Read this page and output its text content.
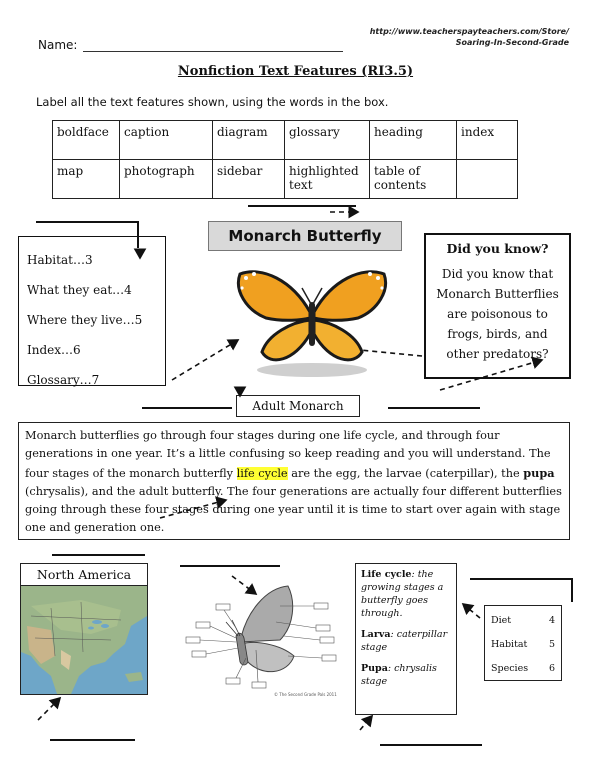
Name:
http://www.teacherspayteachers.com/Store/
Soaring-In-Second-Grade
Nonfiction Text Features (RI3.5)
Label all the text features shown, using the words in the box.
boldface	caption	diagram	glossary	heading	index
map	photograph	sidebar	highlighted text	table of contents	
Habitat…3
What they eat…4
Where they live…5
Index…6
Glossary…7
Monarch Butterfly
Did you know?
Did you know that Monarch Butterflies are poisonous to frogs, birds, and other predators?
Adult Monarch
Monarch butterflies go through four stages during one life cycle, and through four generations in one year. It’s a little confusing so keep reading and you will understand. The four stages of the monarch butterfly life cycle are the egg, the larvae (caterpillar), the pupa (chrysalis), and the adult butterfly. The four generations are actually four different butterflies going through these four stages during one year until it is time to start over again with stage one and generation one.
North America
© The Second Grade Pals 2011

Life cycle: the growing stages a butterfly goes through.

Larva: caterpillar stage

Pupa: chrysalis stage

Diet	4
Habitat 5
Species 6
